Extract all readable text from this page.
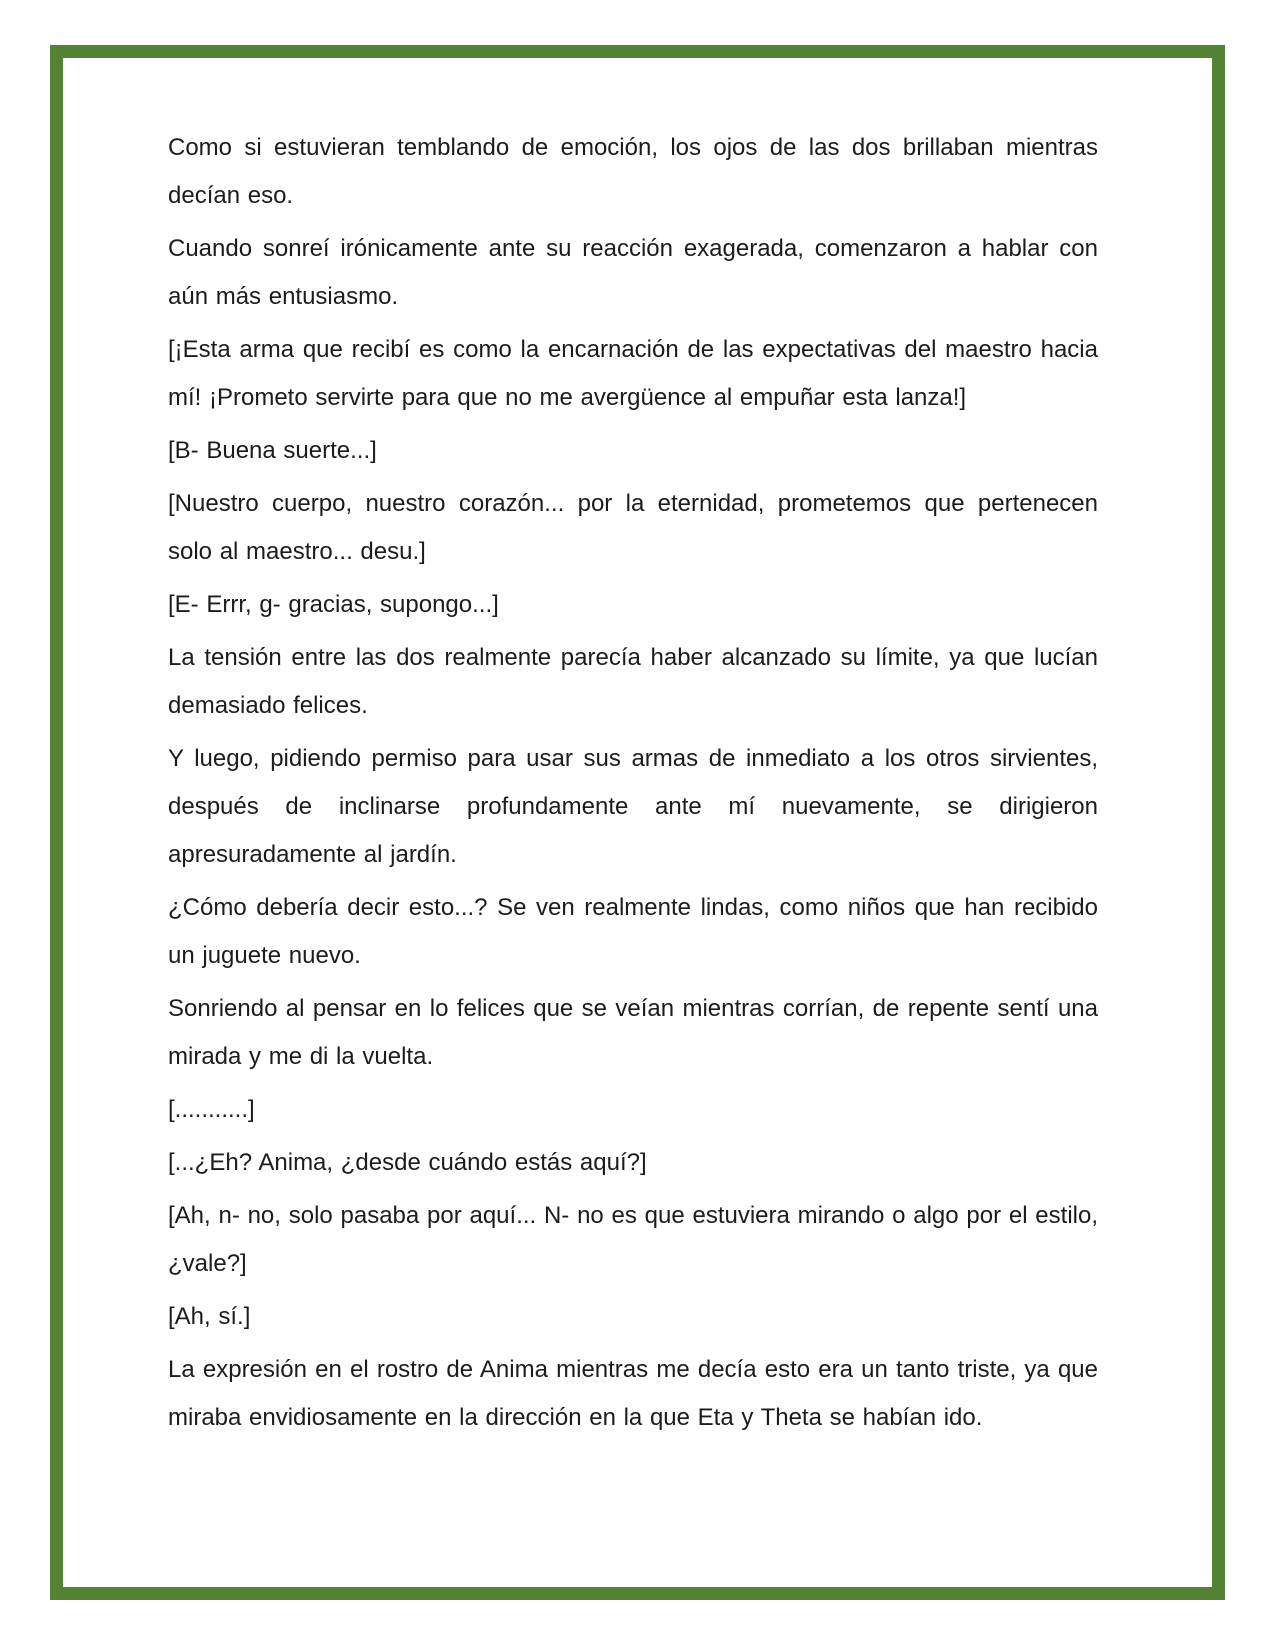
Como si estuvieran temblando de emoción, los ojos de las dos brillaban mientras decían eso.

Cuando sonreí irónicamente ante su reacción exagerada, comenzaron a hablar con aún más entusiasmo.

[¡Esta arma que recibí es como la encarnación de las expectativas del maestro hacia mí! ¡Prometo servirte para que no me avergüence al empuñar esta lanza!]

[B- Buena suerte...]

[Nuestro cuerpo, nuestro corazón... por la eternidad, prometemos que pertenecen solo al maestro... desu.]

[E- Errr, g- gracias, supongo...]

La tensión entre las dos realmente parecía haber alcanzado su límite, ya que lucían demasiado felices.

Y luego, pidiendo permiso para usar sus armas de inmediato a los otros sirvientes, después de inclinarse profundamente ante mí nuevamente, se dirigieron apresuradamente al jardín.

¿Cómo debería decir esto...? Se ven realmente lindas, como niños que han recibido un juguete nuevo.

Sonriendo al pensar en lo felices que se veían mientras corrían, de repente sentí una mirada y me di la vuelta.

[...........]

[...¿Eh? Anima, ¿desde cuándo estás aquí?]

[Ah, n- no, solo pasaba por aquí... N- no es que estuviera mirando o algo por el estilo, ¿vale?]

[Ah, sí.]

La expresión en el rostro de Anima mientras me decía esto era un tanto triste, ya que miraba envidiosamente en la dirección en la que Eta y Theta se habían ido.
